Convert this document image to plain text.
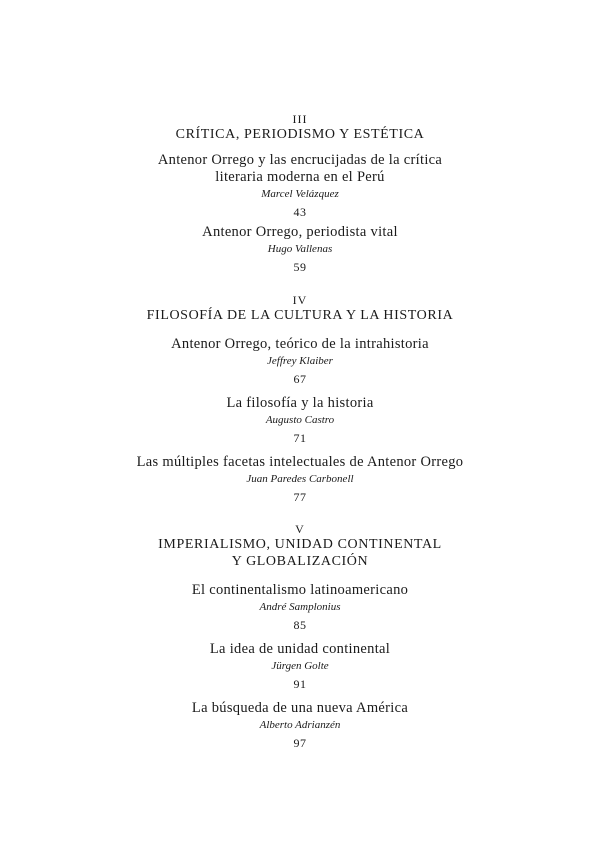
III
CRÍTICA, PERIODISMO Y ESTÉTICA
Antenor Orrego y las encrucijadas de la crítica
literaria moderna en el Perú
Marcel Velázquez
43
Antenor Orrego, periodista vital
Hugo Vallenas
59
IV
FILOSOFÍA DE LA CULTURA Y LA HISTORIA
Antenor Orrego, teórico de la intrahistoria
Jeffrey Klaiber
67
La filosofía y la historia
Augusto Castro
71
Las múltiples facetas intelectuales de Antenor Orrego
Juan Paredes Carbonell
77
V
IMPERIALISMO, UNIDAD CONTINENTAL
Y GLOBALIZACIÓN
El continentalismo latinoamericano
André Samplonius
85
La idea de unidad continental
Jürgen Golte
91
La búsqueda de una nueva América
Alberto Adrianzén
97
